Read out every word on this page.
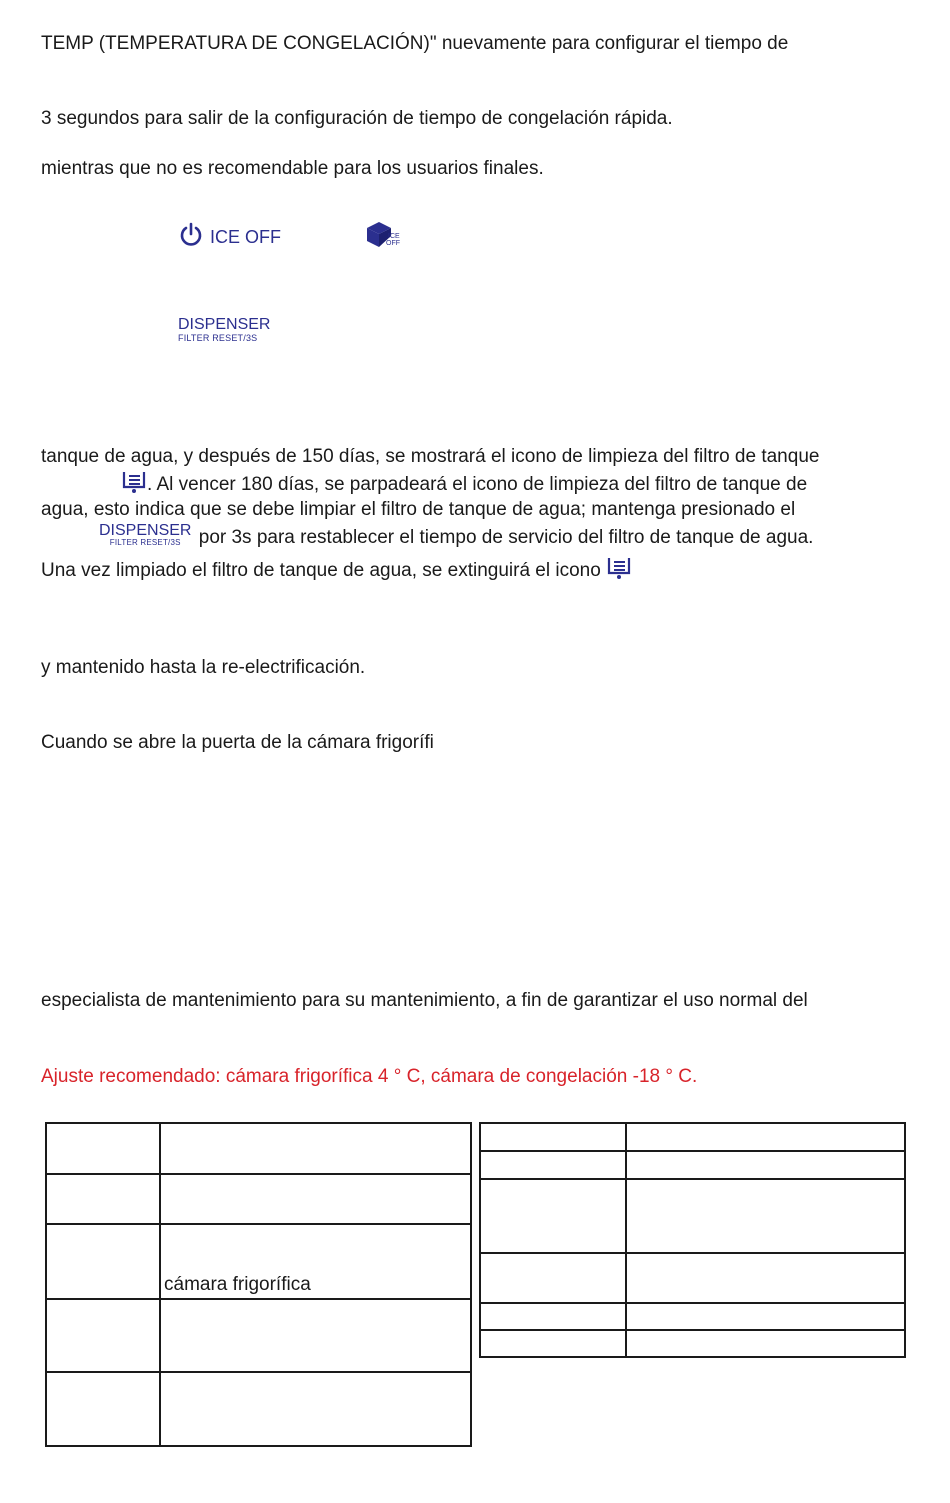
TEMP (TEMPERATURA DE CONGELACIÓN)" nuevamente para configurar el tiempo de
3 segundos para salir de la configuración de tiempo de congelación rápida.
mientras que no es recomendable para los usuarios finales.
ICE OFF	ICE
OFF
DISPENSER
FILTER RESET/3S
tanque de agua, y después de 150 días, se mostrará el icono de limpieza del filtro de tanque
. Al vencer 180 días, se parpadeará el icono de limpieza del filtro de tanque de
agua, esto indica que se debe limpiar el filtro de tanque de agua; mantenga presionado el
DISPENSER
FILTER RESET/3S por 3s para restablecer el tiempo de servicio del filtro de tanque de agua.
Una vez limpiado el filtro de tanque de agua, se extinguirá el icono
y mantenido hasta la re-electrificación.
Cuando se abre la puerta de la cámara frigorífi
especialista de mantenimiento para su mantenimiento, a fin de garantizar el uso normal del
Ajuste recomendado: cámara frigorífica 4 ° C, cámara de congelación -18 ° C.

	cámara frigorífica
